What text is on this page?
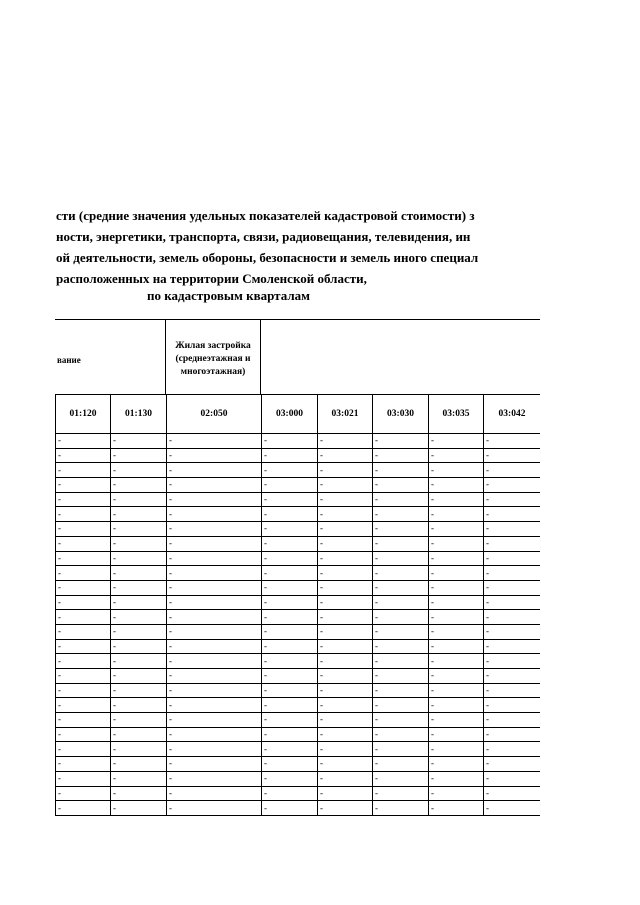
сти (средние значения удельных показателей кадастровой стоимости) з
ности, энергетики, транспорта, связи, радиовещания, телевидения, ин
ой деятельности, земель обороны, безопасности и земель иного специал
расположенных на территории Смоленской области,
по кадастровым кварталам
вание
Жилая застройка (среднеэтажная и многоэтажная)
01:120	01:130	02:050	03:000	03:021	03:030	03:035	03:042
-	-	-	-	-	-	-	-
-	-	-	-	-	-	-	-
-	-	-	-	-	-	-	-
-	-	-	-	-	-	-	-
-	-	-	-	-	-	-	-
-	-	-	-	-	-	-	-
-	-	-	-	-	-	-	-
-	-	-	-	-	-	-	-
-	-	-	-	-	-	-	-
-	-	-	-	-	-	-	-
-	-	-	-	-	-	-	-
-	-	-	-	-	-	-	-
-	-	-	-	-	-	-	-
-	-	-	-	-	-	-	-
-	-	-	-	-	-	-	-
-	-	-	-	-	-	-	-
-	-	-	-	-	-	-	-
-	-	-	-	-	-	-	-
-	-	-	-	-	-	-	-
-	-	-	-	-	-	-	-
-	-	-	-	-	-	-	-
-	-	-	-	-	-	-	-
-	-	-	-	-	-	-	-
-	-	-	-	-	-	-	-
-	-	-	-	-	-	-	-
-	-	-	-	-	-	-	-
